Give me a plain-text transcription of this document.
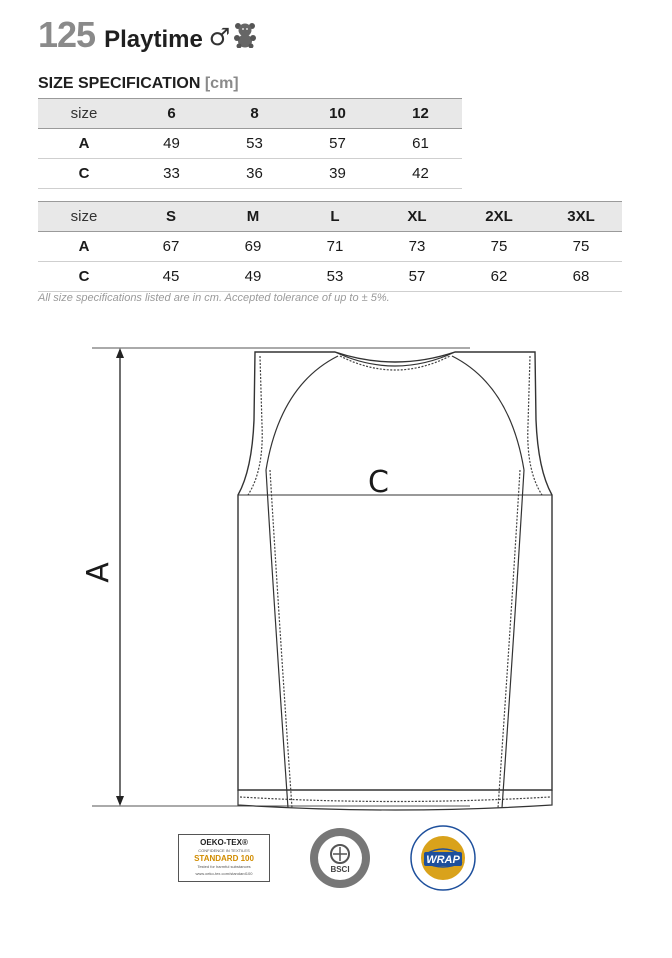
125 Playtime ♂
SIZE SPECIFICATION [cm]
size	6	8	10	12
A	49	53	57	61
C	33	36	39	42
size	S	M	L	XL	2XL	3XL
A	67	69	71	73	75	75
C	45	49	53	57	62	68
All size specifications listed are in cm. Accepted tolerance of up to ± 5%.
A
C
OEKO-TEX®
CONFIDENCE IN TEXTILES
STANDARD 100
Tested for harmful substances
www.oeko-tex.com/standard100	BSCI
WRAP
